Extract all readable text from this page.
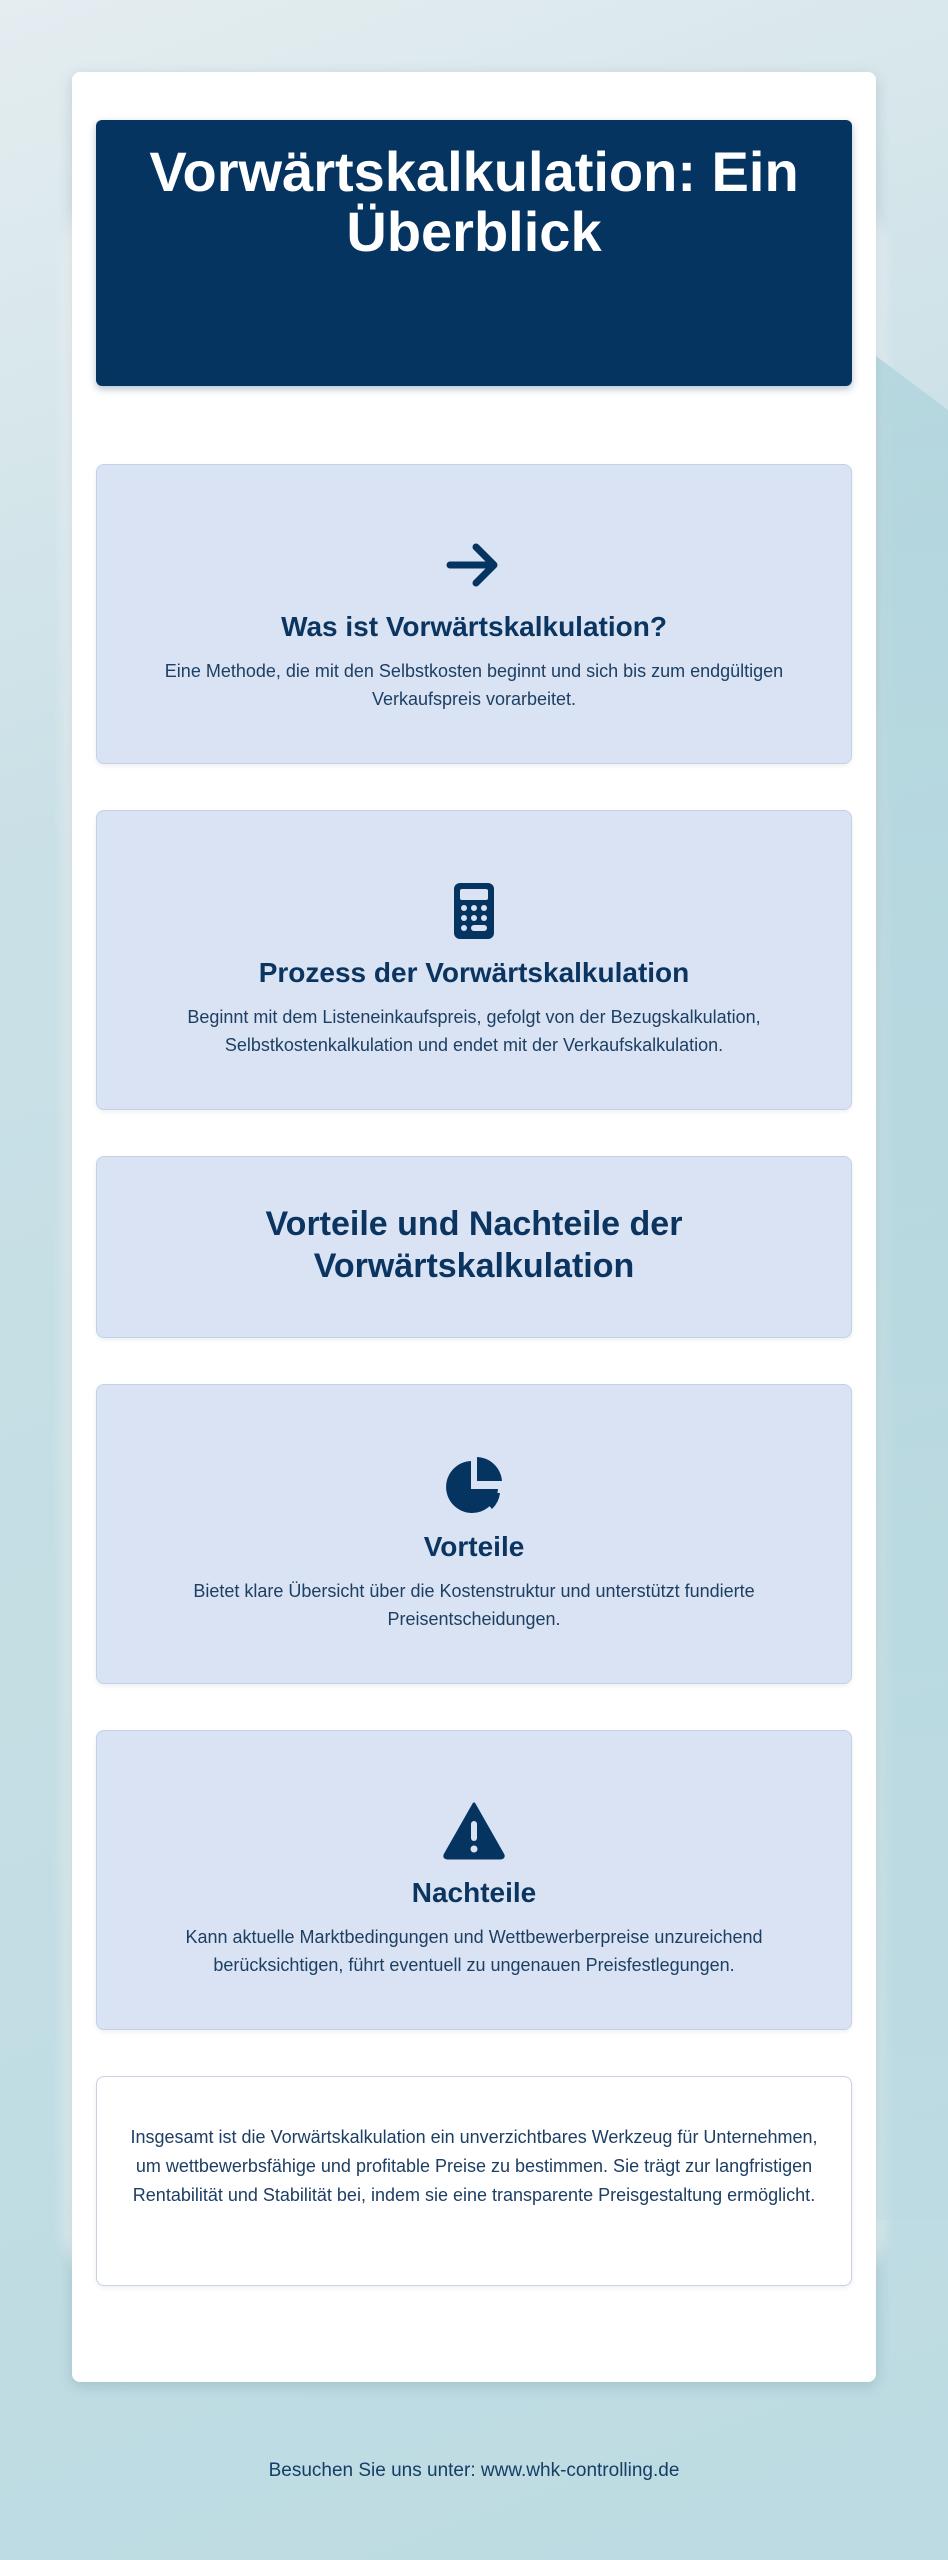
Vorwärtskalkulation: Ein Überblick
Was ist Vorwärtskalkulation?

Eine Methode, die mit den Selbstkosten beginnt und sich bis zum endgültigen Verkaufspreis vorarbeitet.

Prozess der Vorwärtskalkulation

Beginnt mit dem Listeneinkaufspreis, gefolgt von der Bezugskalkulation, Selbstkostenkalkulation und endet mit der Verkaufskalkulation.

Vorteile und Nachteile der Vorwärtskalkulation
Vorteile

Bietet klare Übersicht über die Kostenstruktur und unterstützt fundierte Preisentscheidungen.

Nachteile

Kann aktuelle Marktbedingungen und Wettbewerberpreise unzureichend berücksichtigen, führt eventuell zu ungenauen Preisfestlegungen.

Insgesamt ist die Vorwärtskalkulation ein unverzichtbares Werkzeug für Unternehmen, um wettbewerbsfähige und profitable Preise zu bestimmen. Sie trägt zur langfristigen Rentabilität und Stabilität bei, indem sie eine transparente Preisgestaltung ermöglicht.

Besuchen Sie uns unter: www.whk-controlling.de
